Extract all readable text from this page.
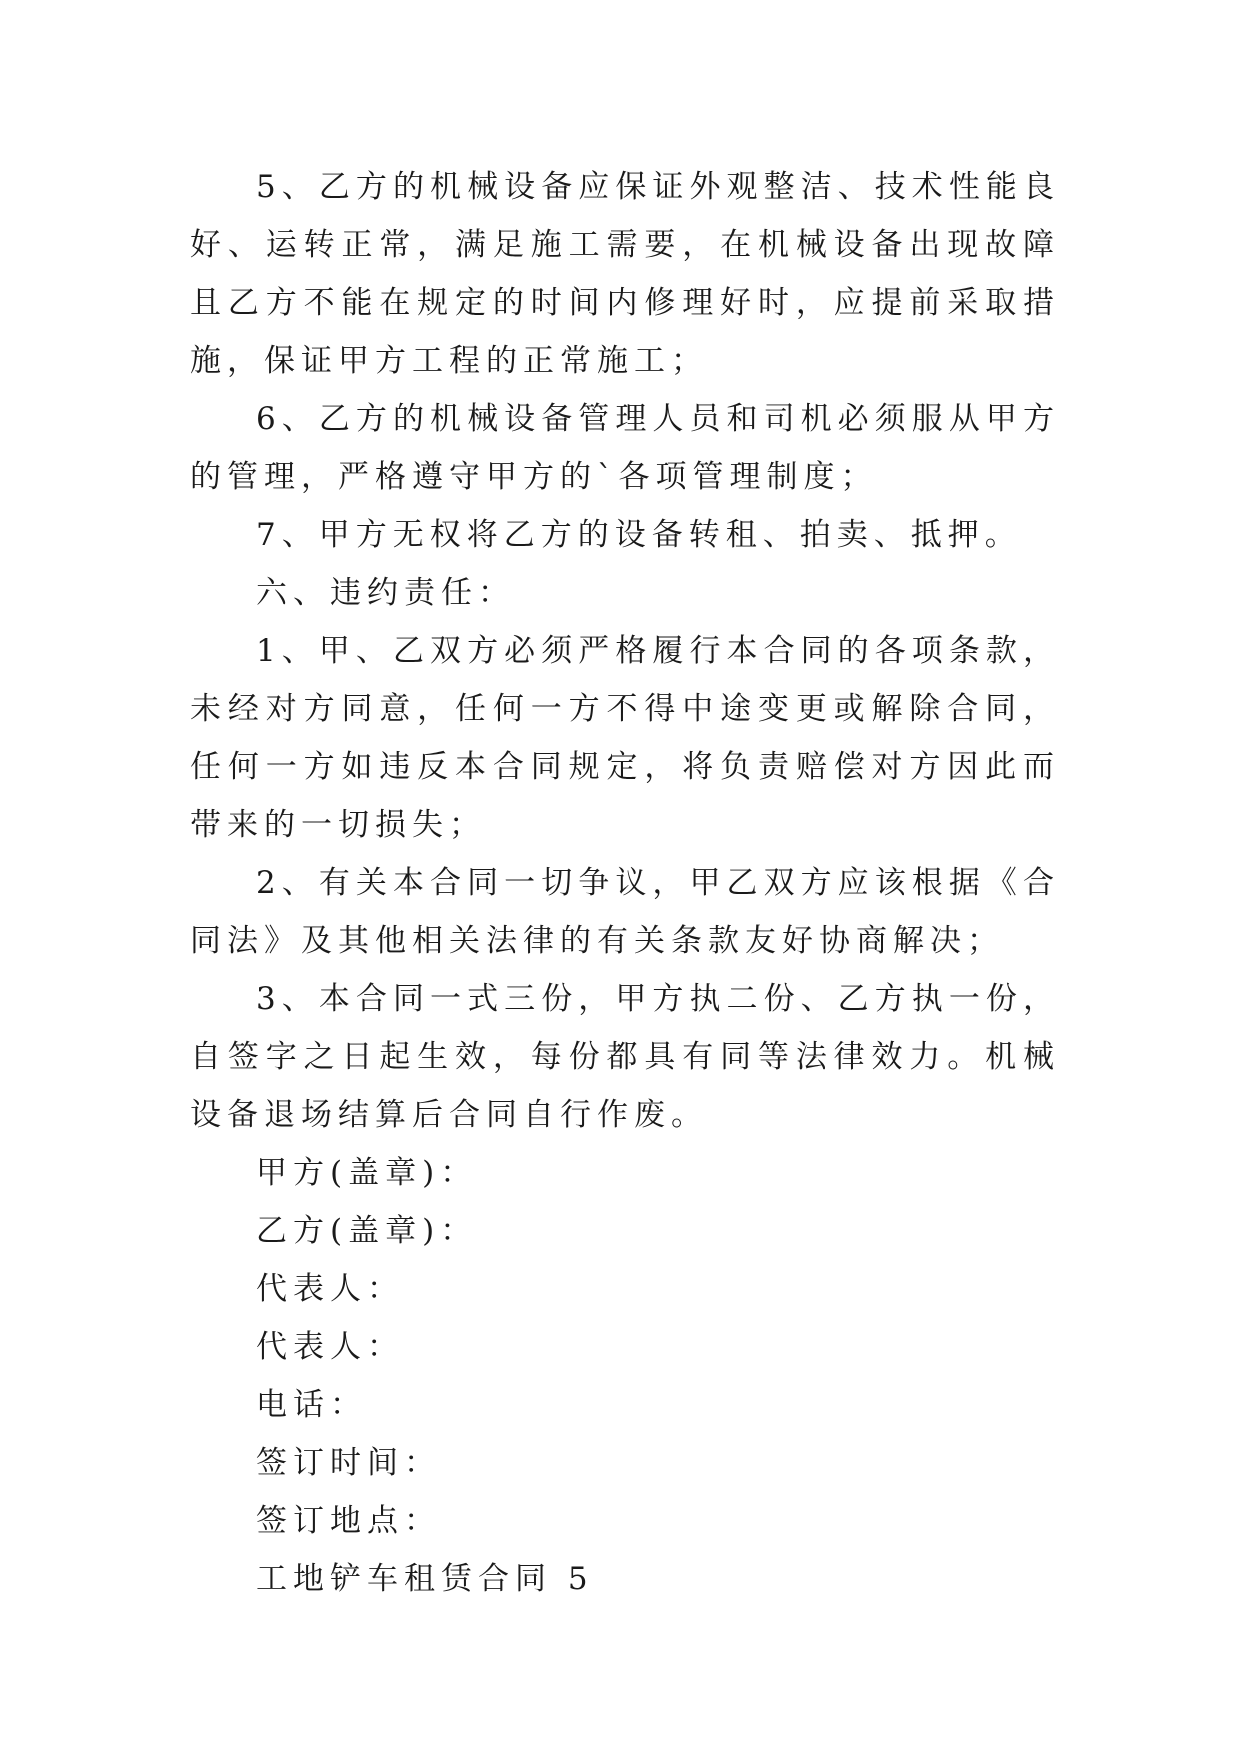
5、乙方的机械设备应保证外观整洁、技术性能良好、运转正常，满足施工需要，在机械设备出现故障且乙方不能在规定的时间内修理好时，应提前采取措施，保证甲方工程的正常施工；

6、乙方的机械设备管理人员和司机必须服从甲方的管理，严格遵守甲方的`各项管理制度；

7、甲方无权将乙方的设备转租、拍卖、抵押。

六、违约责任：

1、甲、乙双方必须严格履行本合同的各项条款，未经对方同意，任何一方不得中途变更或解除合同，任何一方如违反本合同规定，将负责赔偿对方因此而带来的一切损失；

2、有关本合同一切争议，甲乙双方应该根据《合同法》及其他相关法律的有关条款友好协商解决；

3、本合同一式三份，甲方执二份、乙方执一份，自签字之日起生效，每份都具有同等法律效力。机械设备退场结算后合同自行作废。

甲方(盖章)：

乙方(盖章)：

代表人：

代表人：

电话：

签订时间：

签订地点：

工地铲车租赁合同 5
